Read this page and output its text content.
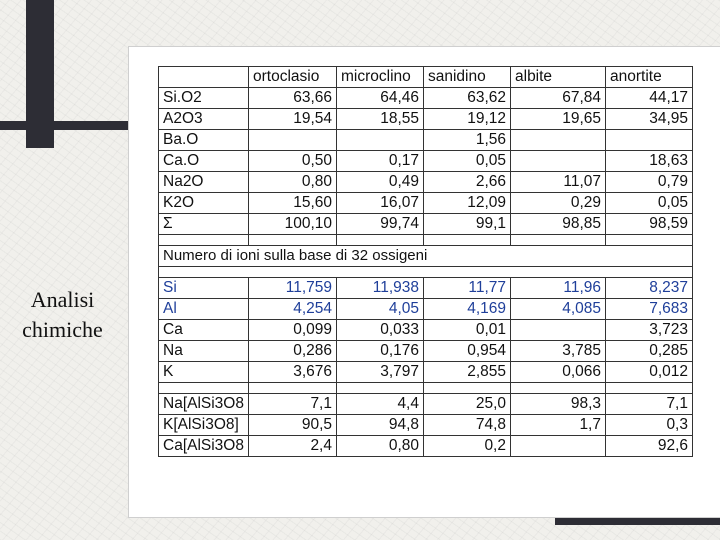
Analisi
chimiche
	ortoclasio	microclino	sanidino	albite	anortite
Si.O2	63,66	64,46	63,62	67,84	44,17
A2O3	19,54	18,55	19,12	19,65	34,95
Ba.O			1,56		
Ca.O	0,50	0,17	0,05		18,63
Na2O	0,80	0,49	2,66	11,07	0,79
K2O	15,60	16,07	12,09	0,29	0,05
Σ	100,10	99,74	99,1	98,85	98,59

Numero di ioni sulla base di 32 ossigeni					

Si	11,759	11,938	11,77	11,96	8,237
Al	4,254	4,05	4,169	4,085	7,683
Ca	0,099	0,033	0,01		3,723
Na	0,286	0,176	0,954	3,785	0,285
K	3,676	3,797	2,855	0,066	0,012

Na[AlSi3O8	7,1	4,4	25,0	98,3	7,1
K[AlSi3O8]	90,5	94,8	74,8	1,7	0,3
Ca[AlSi3O8	2,4	0,80	0,2		92,6
